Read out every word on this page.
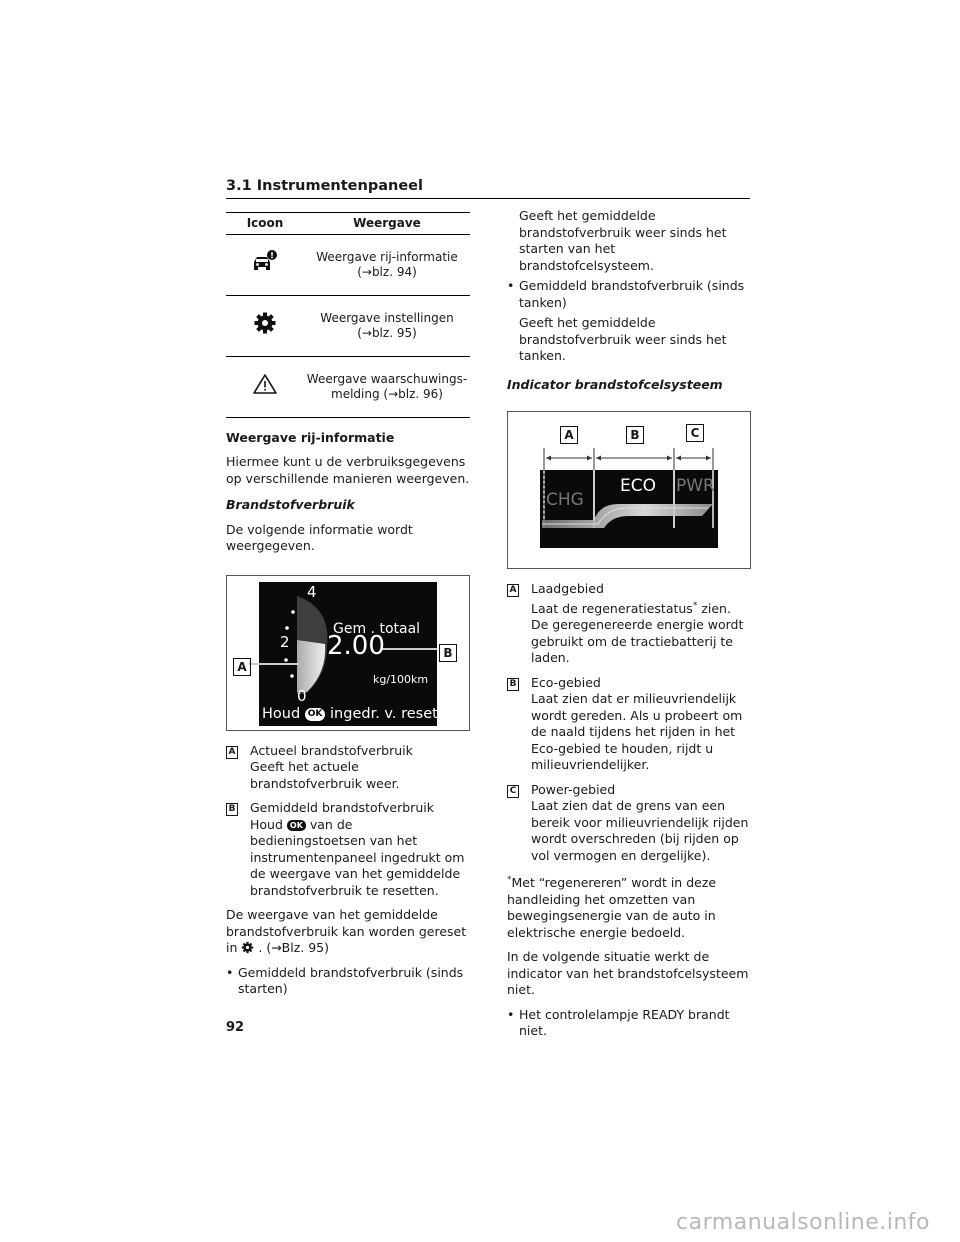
3.1 Instrumentenpaneel
Icoon	Weergave

Weergave rij-informatie
(→blz. 94)

Weergave instellingen
(→blz. 95)

Weergave waarschuwings-
melding (→blz. 96)

Weergave rij-informatie

Hiermee kunt u de verbruiksgegevens op verschillende manieren weergeven.

Brandstofverbruik

De volgende informatie wordt weergegeven.

4
2
0
Gem . totaal
2.00
kg/100km
Houd OK ingedr. v. reset
A
B
A Actueel brandstofverbruik
Geeft het actuele brandstofverbruik weer.
B Gemiddeld brandstofverbruik
Houd OK van de bedieningstoetsen van het instrumentenpaneel ingedrukt om de weergave van het gemiddelde brandstofverbruik te resetten.

De weergave van het gemiddelde brandstofverbruik kan worden gereset in . (→Blz. 95)

• Gemiddeld brandstofverbruik (sinds starten)

Geeft het gemiddelde brandstofverbruik weer sinds het starten van het brandstofcelsysteem.

• Gemiddeld brandstofverbruik (sinds tanken)

Geeft het gemiddelde brandstofverbruik weer sinds het tanken.

Indicator brandstofcelsysteem

CHG
ECO PWR
A	B	C
A Laadgebied
Laat de regeneratiestatus* zien. De geregenereerde energie wordt gebruikt om de tractiebatterij te laden.
B Eco-gebied
Laat zien dat er milieuvriendelijk wordt gereden. Als u probeert om de naald tijdens het rijden in het Eco-gebied te houden, rijdt u milieuvriendelijker.
C Power-gebied
Laat zien dat de grens van een bereik voor milieuvriendelijk rijden wordt overschreden (bij rijden op vol vermogen en dergelijke).

*Met “regenereren” wordt in deze handleiding het omzetten van bewegingsenergie van de auto in elektrische energie bedoeld.

In de volgende situatie werkt de indicator van het brandstofcelsysteem niet.

• Het controlelampje READY brandt niet.
92
carmanualsonline.info
